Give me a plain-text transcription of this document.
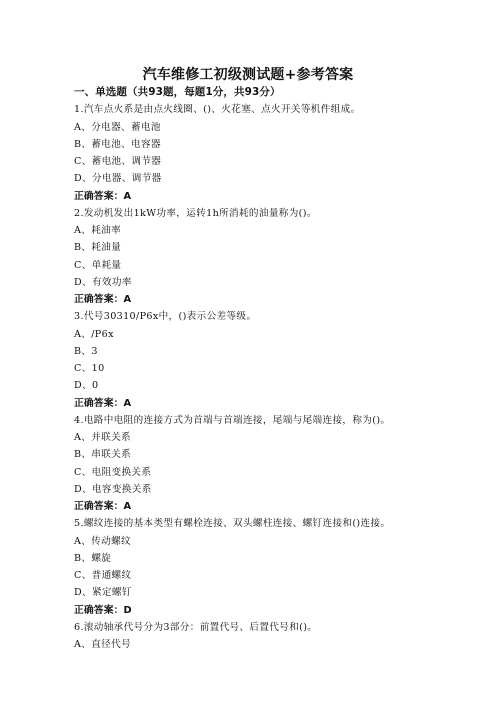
汽车维修工初级测试题+参考答案
一、单选题（共93题，每题1分，共93分）
1.汽车点火系是由点火线圈、()、火花塞、点火开关等机件组成。
A、分电器、蓄电池
B、蓄电池、电容器
C、蓄电池、调节器
D、分电器、调节器
正确答案：A
2.发动机发出1kW功率，运转1h所消耗的油量称为()。
A、耗油率
B、耗油量
C、单耗量
D、有效功率
正确答案：A
3.代号30310/P6x中，()表示公差等级。
A、/P6x
B、3
C、10
D、0
正确答案：A
4.电路中电阻的连接方式为首端与首端连接，尾端与尾端连接，称为()。
A、并联关系
B、串联关系
C、电阻变换关系
D、电容变换关系
正确答案：A
5.螺纹连接的基本类型有螺栓连接、双头螺柱连接、螺钉连接和()连接。
A、传动螺纹
B、螺旋
C、普通螺纹
D、紧定螺钉
正确答案：D
6.滚动轴承代号分为3部分：前置代号、后置代号和()。
A、直径代号
